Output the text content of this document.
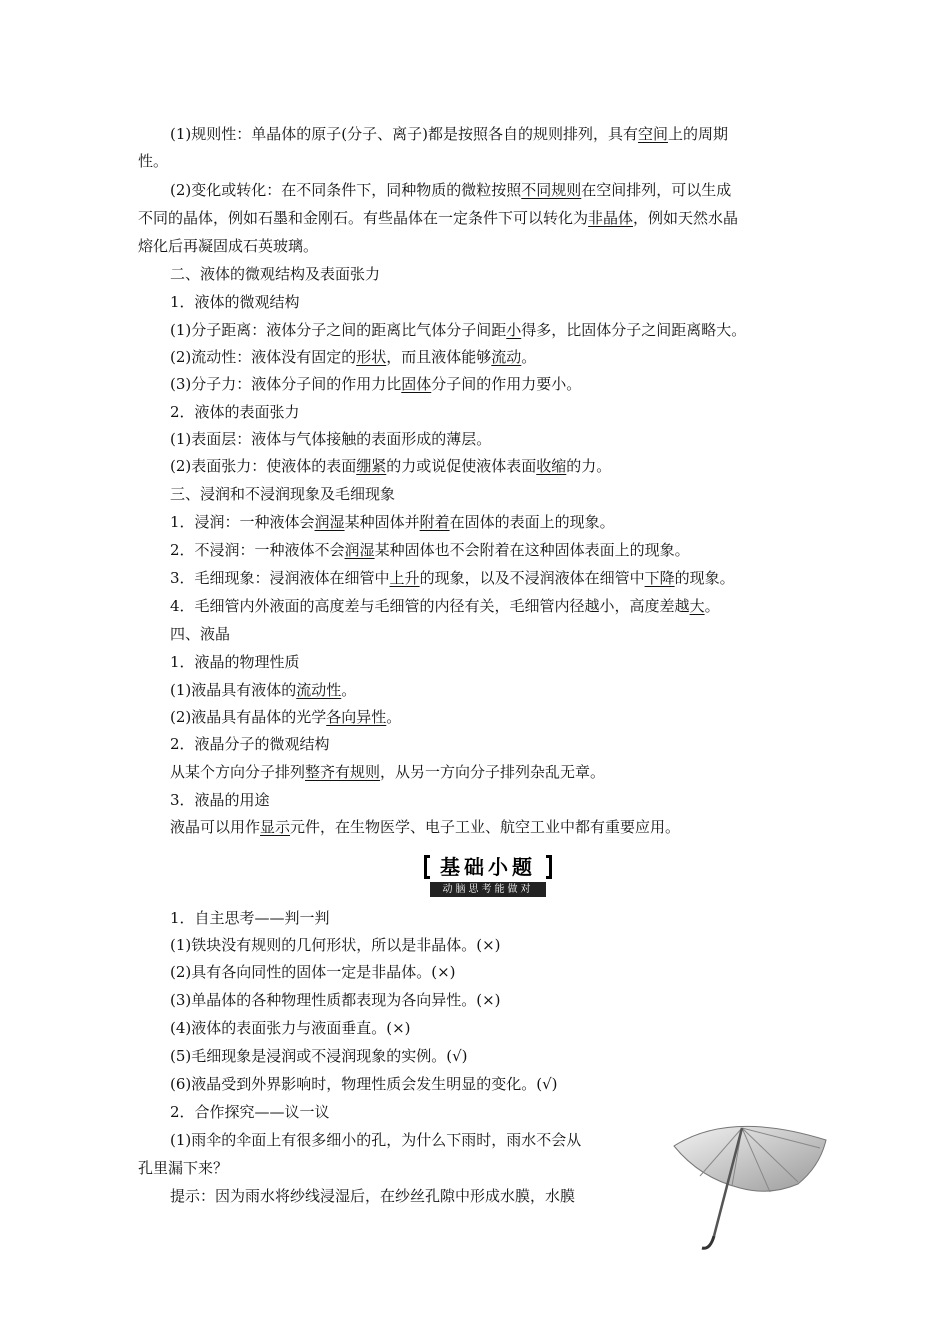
(1)规则性：单晶体的原子(分子、离子)都是按照各自的规则排列，具有空间上的周期
性。
(2)变化或转化：在不同条件下，同种物质的微粒按照不同规则在空间排列，可以生成
不同的晶体，例如石墨和金刚石。有些晶体在一定条件下可以转化为非晶体，例如天然水晶
熔化后再凝固成石英玻璃。
二、液体的微观结构及表面张力
1．液体的微观结构
(1)分子距离：液体分子之间的距离比气体分子间距小得多，比固体分子之间距离略大。
(2)流动性：液体没有固定的形状，而且液体能够流动。
(3)分子力：液体分子间的作用力比固体分子间的作用力要小。
2．液体的表面张力
(1)表面层：液体与气体接触的表面形成的薄层。
(2)表面张力：使液体的表面绷紧的力或说促使液体表面收缩的力。
三、浸润和不浸润现象及毛细现象
1．浸润：一种液体会润湿某种固体并附着在固体的表面上的现象。
2．不浸润：一种液体不会润湿某种固体也不会附着在这种固体表面上的现象。
3．毛细现象：浸润液体在细管中上升的现象，以及不浸润液体在细管中下降的现象。
4．毛细管内外液面的高度差与毛细管的内径有关，毛细管内径越小，高度差越大。
四、液晶
1．液晶的物理性质
(1)液晶具有液体的流动性。
(2)液晶具有晶体的光学各向异性。
2．液晶分子的微观结构
从某个方向分子排列整齐有规则，从另一方向分子排列杂乱无章。
3．液晶的用途
液晶可以用作显示元件，在生物医学、电子工业、航空工业中都有重要应用。
基础小题
动脑思考能做对
1．自主思考——判一判
(1)铁块没有规则的几何形状，所以是非晶体。(×)
(2)具有各向同性的固体一定是非晶体。(×)
(3)单晶体的各种物理性质都表现为各向异性。(×)
(4)液体的表面张力与液面垂直。(×)
(5)毛细现象是浸润或不浸润现象的实例。(√)
(6)液晶受到外界影响时，物理性质会发生明显的变化。(√)
2．合作探究——议一议
(1)雨伞的伞面上有很多细小的孔，为什么下雨时，雨水不会从
孔里漏下来？
提示：因为雨水将纱线浸湿后，在纱丝孔隙中形成水膜，水膜
